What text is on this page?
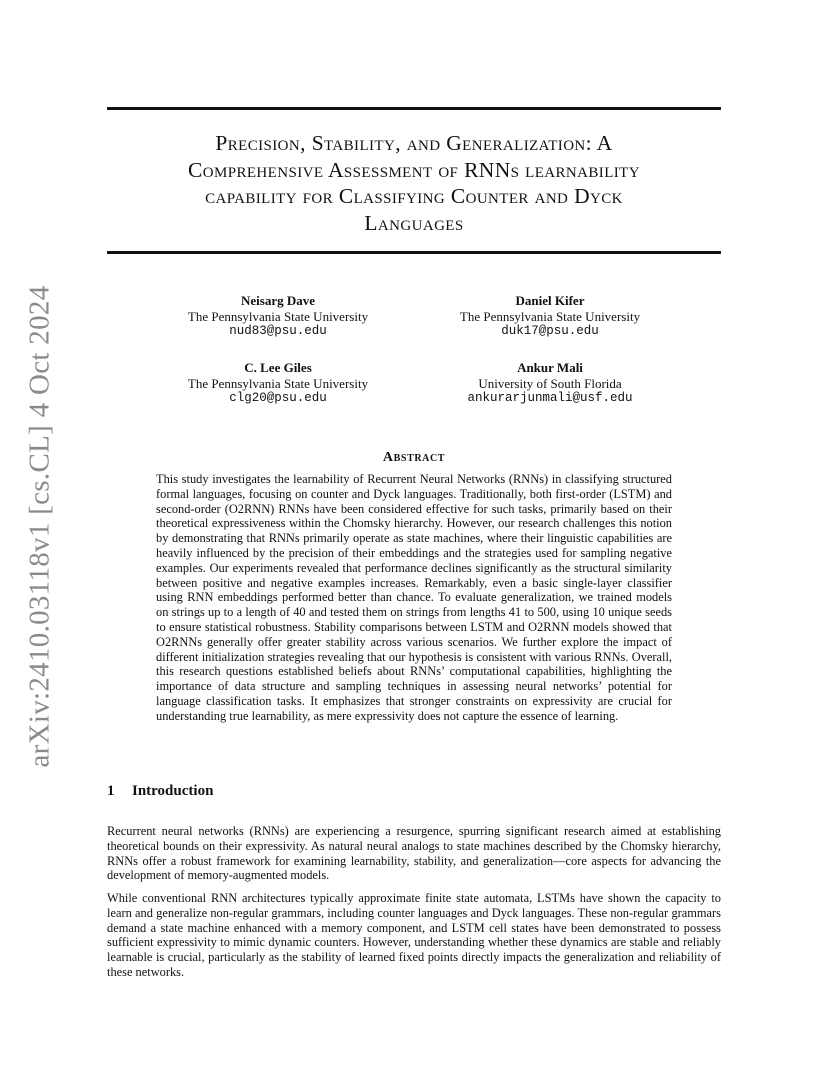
arXiv:2410.03118v1 [cs.CL] 4 Oct 2024
Precision, Stability, and Generalization: A
Comprehensive Assessment of RNNs learnability
capability for Classifying Counter and Dyck
Languages
Neisarg Dave
The Pennsylvania State University
nud83@psu.edu
Daniel Kifer
The Pennsylvania State University
duk17@psu.edu
C. Lee Giles
The Pennsylvania State University
clg20@psu.edu
Ankur Mali
University of South Florida
ankurarjunmali@usf.edu
Abstract
This study investigates the learnability of Recurrent Neural Networks (RNNs) in classifying structured formal languages, focusing on counter and Dyck languages. Traditionally, both first-order (LSTM) and second-order (O2RNN) RNNs have been considered effective for such tasks, primarily based on their theoretical expressiveness within the Chomsky hierarchy. However, our research challenges this notion by demonstrating that RNNs primarily operate as state machines, where their linguistic capabilities are heavily influenced by the precision of their embeddings and the strategies used for sampling negative examples. Our experiments revealed that performance declines significantly as the structural similarity between positive and negative examples increases. Remarkably, even a basic single-layer classifier using RNN embeddings performed better than chance. To evaluate generalization, we trained models on strings up to a length of 40 and tested them on strings from lengths 41 to 500, using 10 unique seeds to ensure statistical robustness. Stability comparisons between LSTM and O2RNN models showed that O2RNNs generally offer greater stability across various scenarios. We further explore the impact of different initialization strategies revealing that our hypothesis is consistent with various RNNs. Overall, this research questions established beliefs about RNNs’ computational capabilities, highlighting the importance of data structure and sampling techniques in assessing neural networks’ potential for language classification tasks. It emphasizes that stronger constraints on expressivity are crucial for understanding true learnability, as mere expressivity does not capture the essence of learning.
1 Introduction
Recurrent neural networks (RNNs) are experiencing a resurgence, spurring significant research aimed at establishing theoretical bounds on their expressivity. As natural neural analogs to state machines described by the Chomsky hierarchy, RNNs offer a robust framework for examining learnability, stability, and generalization—core aspects for advancing the development of memory-augmented models.
While conventional RNN architectures typically approximate finite state automata, LSTMs have shown the capacity to learn and generalize non-regular grammars, including counter languages and Dyck languages. These non-regular grammars demand a state machine enhanced with a memory component, and LSTM cell states have been demonstrated to possess sufficient expressivity to mimic dynamic counters. However, understanding whether these dynamics are stable and reliably learnable is crucial, particularly as the stability of learned fixed points directly impacts the generalization and reliability of these networks.
